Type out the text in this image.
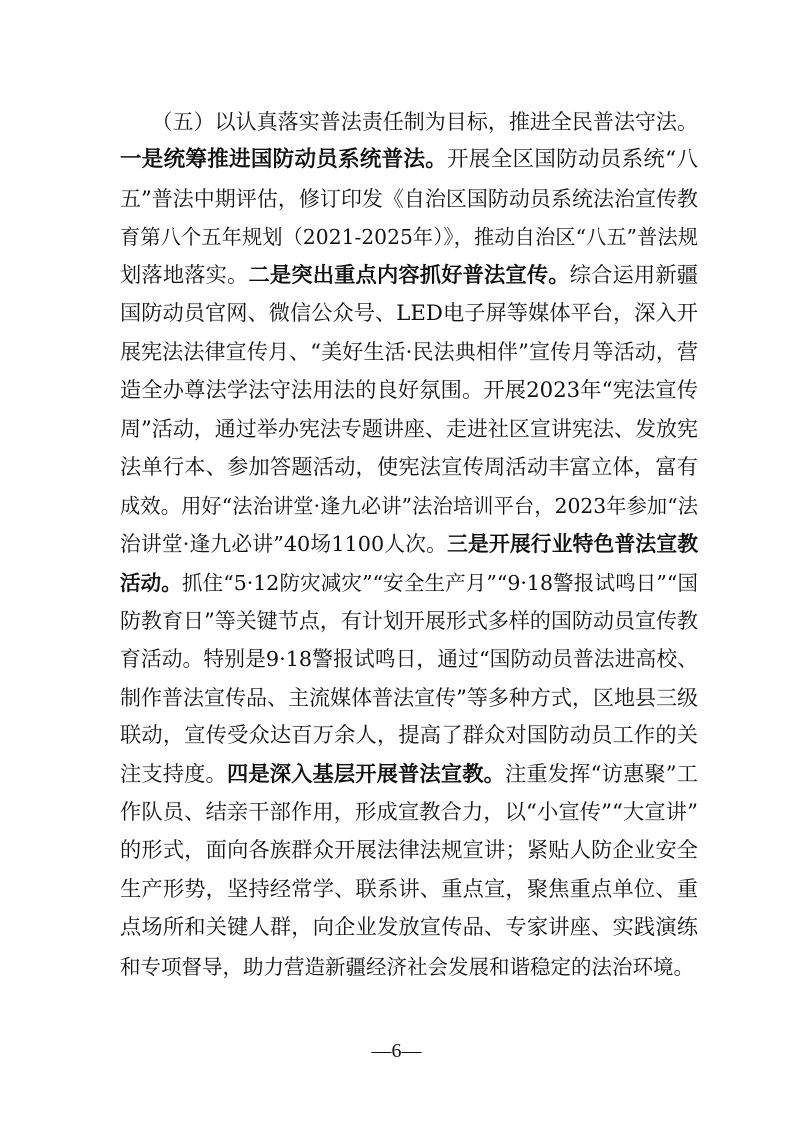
　　（五）以认真落实普法责任制为目标，推进全民普法守法。
一是统筹推进国防动员系统普法。开展全区国防动员系统“八
五”普法中期评估，修订印发《自治区国防动员系统法治宣传教
育第八个五年规划（2021-2025年）》，推动自治区“八五”普法规
划落地落实。二是突出重点内容抓好普法宣传。综合运用新疆
国防动员官网、微信公众号、LED电子屏等媒体平台，深入开
展宪法法律宣传月、“美好生活·民法典相伴”宣传月等活动，营
造全办尊法学法守法用法的良好氛围。开展2023年“宪法宣传
周”活动，通过举办宪法专题讲座、走进社区宣讲宪法、发放宪
法单行本、参加答题活动，使宪法宣传周活动丰富立体，富有
成效。用好“法治讲堂·逢九必讲”法治培训平台，2023年参加“法
治讲堂·逢九必讲”40场1100人次。三是开展行业特色普法宣教
活动。抓住“5·12防灾减灾”“安全生产月”“9·18警报试鸣日”“国
防教育日”等关键节点，有计划开展形式多样的国防动员宣传教
育活动。特别是9·18警报试鸣日，通过“国防动员普法进高校、
制作普法宣传品、主流媒体普法宣传”等多种方式，区地县三级
联动，宣传受众达百万余人，提高了群众对国防动员工作的关
注支持度。四是深入基层开展普法宣教。注重发挥“访惠聚”工
作队员、结亲干部作用，形成宣教合力，以“小宣传”“大宣讲”
的形式，面向各族群众开展法律法规宣讲；紧贴人防企业安全
生产形势，坚持经常学、联系讲、重点宣，聚焦重点单位、重
点场所和关键人群，向企业发放宣传品、专家讲座、实践演练
和专项督导，助力营造新疆经济社会发展和谐稳定的法治环境。
—6—
